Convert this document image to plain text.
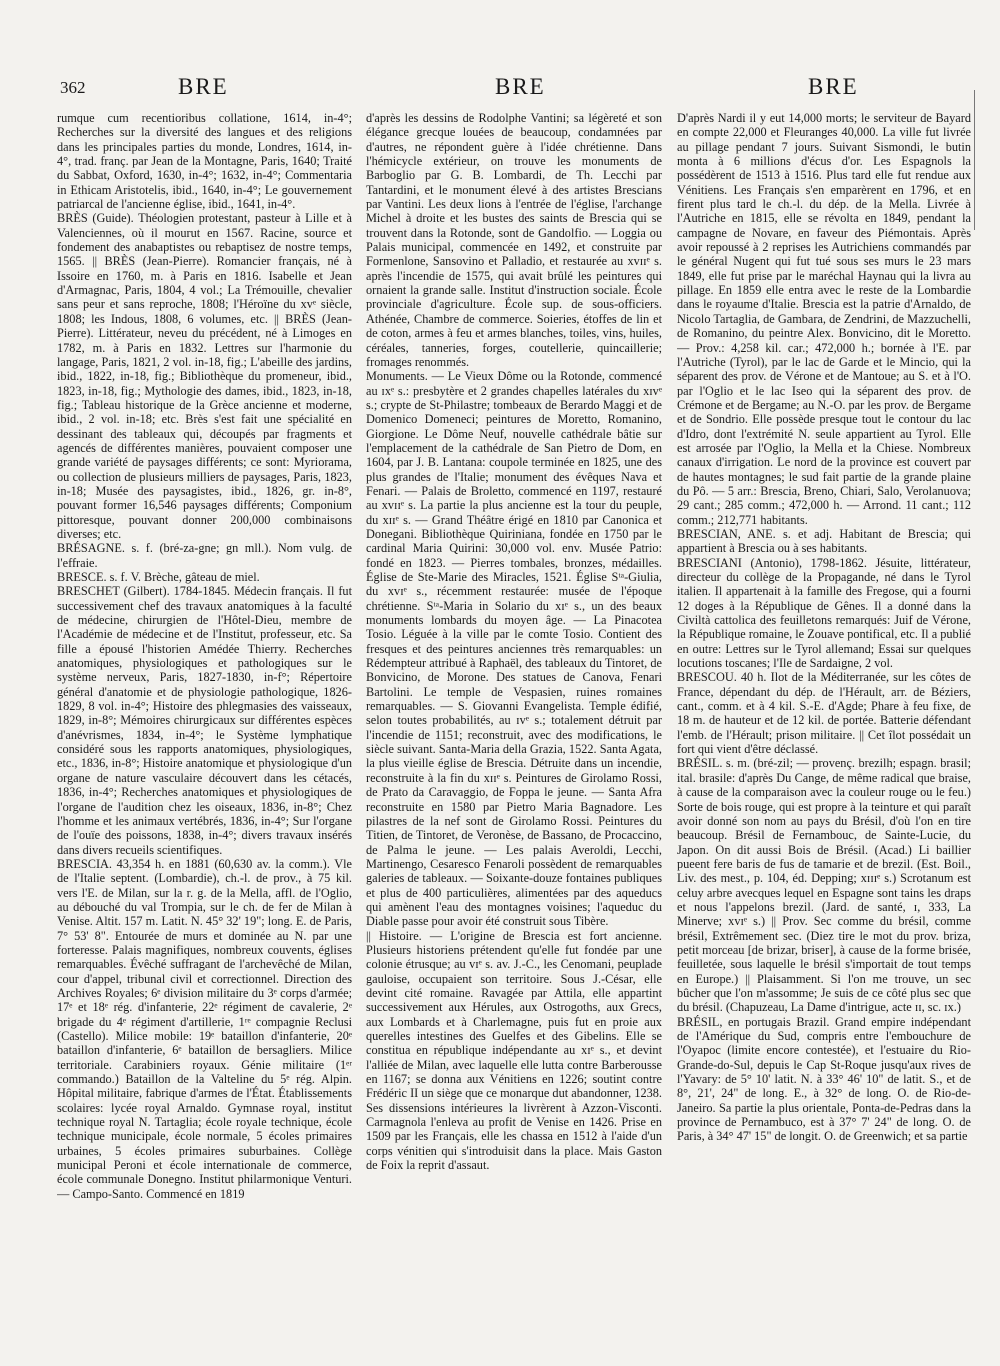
362	BRE	BRE	BRE

rumque cum recentioribus collatione, 1614, in-4°; Recherches sur la diversité des langues et des religions dans les principales parties du monde, Londres, 1614, in-4°, trad. franç. par Jean de la Montagne, Paris, 1640; Traité du Sabbat, Oxford, 1630, in-4°; 1632, in-4°; Commentaria in Ethicam Aristotelis, ibid., 1640, in-4°; Le gouvernement patriarcal de l'ancienne église, ibid., 1641, in-4°.

BRÈS (Guide). Théologien protestant, pasteur à Lille et à Valenciennes, où il mourut en 1567. Racine, source et fondement des anabaptistes ou rebaptisez de nostre temps, 1565. || BRÈS (Jean-Pierre). Romancier français, né à Issoire en 1760, m. à Paris en 1816. Isabelle et Jean d'Armagnac, Paris, 1804, 4 vol.; La Trémouille, chevalier sans peur et sans reproche, 1808; l'Héroïne du xvᵉ siècle, 1808; les Indous, 1808, 6 volumes, etc. || BRÈS (Jean-Pierre). Littérateur, neveu du précédent, né à Limoges en 1782, m. à Paris en 1832. Lettres sur l'harmonie du langage, Paris, 1821, 2 vol. in-18, fig.; L'abeille des jardins, ibid., 1822, in-18, fig.; Bibliothèque du promeneur, ibid., 1823, in-18, fig.; Mythologie des dames, ibid., 1823, in-18, fig.; Tableau historique de la Grèce ancienne et moderne, ibid., 2 vol. in-18; etc. Brès s'est fait une spécialité en dessinant des tableaux qui, découpés par fragments et agencés de différentes manières, pouvaient composer une grande variété de paysages différents; ce sont: Myriorama, ou collection de plusieurs milliers de paysages, Paris, 1823, in-18; Musée des paysagistes, ibid., 1826, gr. in-8°, pouvant former 16,546 paysages différents; Componium pittoresque, pouvant donner 200,000 combinaisons diverses; etc.

BRÉSAGNE. s. f. (bré-za-gne; gn mll.). Nom vulg. de l'effraie.

BRESCE. s. f. V. Brèche, gâteau de miel.

BRESCHET (Gilbert). 1784-1845. Médecin français. Il fut successivement chef des travaux anatomiques à la faculté de médecine, chirurgien de l'Hôtel-Dieu, membre de l'Académie de médecine et de l'Institut, professeur, etc. Sa fille a épousé l'historien Amédée Thierry. Recherches anatomiques, physiologiques et pathologiques sur le système nerveux, Paris, 1827-1830, in-f°; Répertoire général d'anatomie et de physiologie pathologique, 1826-1829, 8 vol. in-4°; Histoire des phlegmasies des vaisseaux, 1829, in-8°; Mémoires chirurgicaux sur différentes espèces d'anévrismes, 1834, in-4°; le Système lymphatique considéré sous les rapports anatomiques, physiologiques, etc., 1836, in-8°; Histoire anatomique et physiologique d'un organe de nature vasculaire découvert dans les cétacés, 1836, in-4°; Recherches anatomiques et physiologiques de l'organe de l'audition chez les oiseaux, 1836, in-8°; Chez l'homme et les animaux vertébrés, 1836, in-4°; Sur l'organe de l'ouïe des poissons, 1838, in-4°; divers travaux insérés dans divers recueils scientifiques.

BRESCIA. 43,354 h. en 1881 (60,630 av. la comm.). Vle de l'Italie septent. (Lombardie), ch.-l. de prov., à 75 kil. vers l'E. de Milan, sur la r. g. de la Mella, affl. de l'Oglio, au débouché du val Trompia, sur le ch. de fer de Milan à Venise. Altit. 157 m. Latit. N. 45° 32' 19"; long. E. de Paris, 7° 53' 8". Entourée de murs et dominée au N. par une forteresse. Palais magnifiques, nombreux couvents, églises remarquables. Évêché suffragant de l'archevêché de Milan, cour d'appel, tribunal civil et correctionnel. Direction des Archives Royales; 6ᵉ division militaire du 3ᵉ corps d'armée; 17ᵉ et 18ᵉ rég. d'infanterie, 22ᵉ régiment de cavalerie, 2ᵉ brigade du 4ᵉ régiment d'artillerie, 1ʳᵉ compagnie Reclusi (Castello). Milice mobile: 19ᵉ bataillon d'infanterie, 20ᵉ bataillon d'infanterie, 6ᵉ bataillon de bersagliers. Milice territoriale. Carabiniers royaux. Génie militaire (1ᵉʳ commando.) Bataillon de la Valteline du 5ᵉ rég. Alpin. Hôpital militaire, fabrique d'armes de l'État. Établissements scolaires: lycée royal Arnaldo. Gymnase royal, institut technique royal N. Tartaglia; école royale technique, école technique municipale, école normale, 5 écoles primaires urbaines, 5 écoles primaires suburbaines. Collège municipal Peroni et école internationale de commerce, école communale Donegno. Institut philarmonique Venturi. — Campo-Santo. Commencé en 1819

d'après les dessins de Rodolphe Vantini; sa légèreté et son élégance grecque louées de beaucoup, condamnées par d'autres, ne répondent guère à l'idée chrétienne. Dans l'hémicycle extérieur, on trouve les monuments de Barboglio par G. B. Lombardi, de Th. Lecchi par Tantardini, et le monument élevé à des artistes Brescians par Vantini. Les deux lions à l'entrée de l'église, l'archange Michel à droite et les bustes des saints de Brescia qui se trouvent dans la Rotonde, sont de Gandolfio. — Loggia ou Palais municipal, commencée en 1492, et construite par Formenlone, Sansovino et Palladio, et restaurée au xvɪɪᵉ s. après l'incendie de 1575, qui avait brûlé les peintures qui ornaient la grande salle. Institut d'instruction sociale. École provinciale d'agriculture. École sup. de sous-officiers. Athénée, Chambre de commerce. Soieries, étoffes de lin et de coton, armes à feu et armes blanches, toiles, vins, huiles, céréales, tanneries, forges, coutellerie, quincaillerie; fromages renommés.

Monuments. — Le Vieux Dôme ou la Rotonde, commencé au ɪxᵉ s.: presbytère et 2 grandes chapelles latérales du xɪvᵉ s.; crypte de St-Philastre; tombeaux de Berardo Maggi et de Domenico Domeneci; peintures de Moretto, Romanino, Giorgione. Le Dôme Neuf, nouvelle cathédrale bâtie sur l'emplacement de la cathédrale de San Pietro de Dom, en 1604, par J. B. Lantana: coupole terminée en 1825, une des plus grandes de l'Italie; monument des évêques Nava et Fenari. — Palais de Broletto, commencé en 1197, restauré au xvɪɪᵉ s. La partie la plus ancienne est la tour du peuple, du xɪɪᵉ s. — Grand Théâtre érigé en 1810 par Canonica et Donegani. Bibliothèque Quiriniana, fondée en 1750 par le cardinal Maria Quirini: 30,000 vol. env. Musée Patrio: fondé en 1823. — Pierres tombales, bronzes, médailles. Église de Ste-Marie des Miracles, 1521. Église Sᵗᵃ-Giulia, du xvɪᵉ s., récemment restaurée: musée de l'époque chrétienne. Sᵗᵃ-Maria in Solario du xɪᵉ s., un des beaux monuments lombards du moyen âge. — La Pinacotea Tosio. Léguée à la ville par le comte Tosio. Contient des fresques et des peintures anciennes très remarquables: un Rédempteur attribué à Raphaël, des tableaux du Tintoret, de Bonvicino, de Morone. Des statues de Canova, Fenari Bartolini. Le temple de Vespasien, ruines romaines remarquables. — S. Giovanni Evangelista. Temple édifié, selon toutes probabilités, au ɪvᵉ s.; totalement détruit par l'incendie de 1151; reconstruit, avec des modifications, le siècle suivant. Santa-Maria della Grazia, 1522. Santa Agata, la plus vieille église de Brescia. Détruite dans un incendie, reconstruite à la fin du xɪɪᵉ s. Peintures de Girolamo Rossi, de Prato da Caravaggio, de Foppa le jeune. — Santa Afra reconstruite en 1580 par Pietro Maria Bagnadore. Les pilastres de la nef sont de Girolamo Rossi. Peintures du Titien, de Tintoret, de Veronèse, de Bassano, de Procaccino, de Palma le jeune. — Les palais Averoldi, Lecchi, Martinengo, Cesaresco Fenaroli possèdent de remarquables galeries de tableaux. — Soixante-douze fontaines publiques et plus de 400 particulières, alimentées par des aqueducs qui amènent l'eau des montagnes voisines; l'aqueduc du Diable passe pour avoir été construit sous Tibère.

|| Histoire. — L'origine de Brescia est fort ancienne. Plusieurs historiens prétendent qu'elle fut fondée par une colonie étrusque; au vɪᵉ s. av. J.-C., les Cenomani, peuplade gauloise, occupaient son territoire. Sous J.-César, elle devint cité romaine. Ravagée par Attila, elle appartint successivement aux Hérules, aux Ostrogoths, aux Grecs, aux Lombards et à Charlemagne, puis fut en proie aux querelles intestines des Guelfes et des Gibelins. Elle se constitua en république indépendante au xɪᵉ s., et devint l'alliée de Milan, avec laquelle elle lutta contre Barberousse en 1167; se donna aux Vénitiens en 1226; soutint contre Frédéric II un siège que ce monarque dut abandonner, 1238. Ses dissensions intérieures la livrèrent à Azzon-Visconti. Carmagnola l'enleva au profit de Venise en 1426. Prise en 1509 par les Français, elle les chassa en 1512 à l'aide d'un corps vénitien qui s'introduisit dans la place. Mais Gaston de Foix la reprit d'assaut.

D'après Nardi il y eut 14,000 morts; le serviteur de Bayard en compte 22,000 et Fleuranges 40,000. La ville fut livrée au pillage pendant 7 jours. Suivant Sismondi, le butin monta à 6 millions d'écus d'or. Les Espagnols la possédèrent de 1513 à 1516. Plus tard elle fut rendue aux Vénitiens. Les Français s'en emparèrent en 1796, et en firent plus tard le ch.-l. du dép. de la Mella. Livrée à l'Autriche en 1815, elle se révolta en 1849, pendant la campagne de Novare, en faveur des Piémontais. Après avoir repoussé à 2 reprises les Autrichiens commandés par le général Nugent qui fut tué sous ses murs le 23 mars 1849, elle fut prise par le maréchal Haynau qui la livra au pillage. En 1859 elle entra avec le reste de la Lombardie dans le royaume d'Italie. Brescia est la patrie d'Arnaldo, de Nicolo Tartaglia, de Gambara, de Zendrini, de Mazzuchelli, de Romanino, du peintre Alex. Bonvicino, dit le Moretto. — Prov.: 4,258 kil. car.; 472,000 h.; bornée à l'E. par l'Autriche (Tyrol), par le lac de Garde et le Mincio, qui la séparent des prov. de Vérone et de Mantoue; au S. et à l'O. par l'Oglio et le lac Iseo qui la séparent des prov. de Crémone et de Bergame; au N.-O. par les prov. de Bergame et de Sondrio. Elle possède presque tout le contour du lac d'Idro, dont l'extrémité N. seule appartient au Tyrol. Elle est arrosée par l'Oglio, la Mella et la Chiese. Nombreux canaux d'irrigation. Le nord de la province est couvert par de hautes montagnes; le sud fait partie de la grande plaine du Pô. — 5 arr.: Brescia, Breno, Chiari, Salo, Verolanuova; 29 cant.; 285 comm.; 472,000 h. — Arrond. 11 cant.; 112 comm.; 212,771 habitants.

BRESCIAN, ANE. s. et adj. Habitant de Brescia; qui appartient à Brescia ou à ses habitants.

BRESCIANI (Antonio), 1798-1862. Jésuite, littérateur, directeur du collège de la Propagande, né dans le Tyrol italien. Il appartenait à la famille des Fregose, qui a fourni 12 doges à la République de Gênes. Il a donné dans la Civiltà cattolica des feuilletons remarqués: Juif de Vérone, la République romaine, le Zouave pontifical, etc. Il a publié en outre: Lettres sur le Tyrol allemand; Essai sur quelques locutions toscanes; l'Ile de Sardaigne, 2 vol.

BRESCOU. 40 h. Ilot de la Méditerranée, sur les côtes de France, dépendant du dép. de l'Hérault, arr. de Béziers, cant., comm. et à 4 kil. S.-E. d'Agde; Phare à feu fixe, de 18 m. de hauteur et de 12 kil. de portée. Batterie défendant l'emb. de l'Hérault; prison militaire. || Cet îlot possédait un fort qui vient d'être déclassé.

BRÉSIL. s. m. (bré-zil; — provenç. brezilh; espagn. brasil; ital. brasile: d'après Du Cange, de même radical que braise, à cause de la comparaison avec la couleur rouge ou le feu.) Sorte de bois rouge, qui est propre à la teinture et qui paraît avoir donné son nom au pays du Brésil, d'où l'on en tire beaucoup. Brésil de Fernambouc, de Sainte-Lucie, du Japon. On dit aussi Bois de Brésil. (Acad.) Li baillier pueent fere baris de fus de tamarie et de brezil. (Est. Boil., Liv. des mest., p. 104, éd. Depping; xɪɪɪᵉ s.) Scrotanum est celuy arbre avecques lequel en Espagne sont tains les draps et nous l'appelons brezil. (Jard. de santé, ɪ, 333, La Minerve; xvɪᵉ s.) || Prov. Sec comme du brésil, comme brésil, Extrêmement sec. (Diez tire le mot du prov. briza, petit morceau [de brizar, briser], à cause de la forme brisée, feuilletée, sous laquelle le brésil s'importait de tout temps en Europe.) || Plaisamment. Si l'on me trouve, un sec bûcher que l'on m'assomme; Je suis de ce côté plus sec que du brésil. (Chapuzeau, La Dame d'intrigue, acte ɪɪ, sc. ɪx.)

BRÉSIL, en portugais Brazil. Grand empire indépendant de l'Amérique du Sud, compris entre l'embouchure de l'Oyapoc (limite encore contestée), et l'estuaire du Rio-Grande-do-Sul, depuis le Cap St-Roque jusqu'aux rives de l'Yavary: de 5° 10' latit. N. à 33° 46' 10" de latit. S., et de 8°, 21', 24" de long. E., à 32° de long. O. de Rio-de-Janeiro. Sa partie la plus orientale, Ponta-de-Pedras dans la province de Pernambuco, est à 37° 7' 24" de long. O. de Paris, à 34° 47' 15" de longit. O. de Greenwich; et sa partie
